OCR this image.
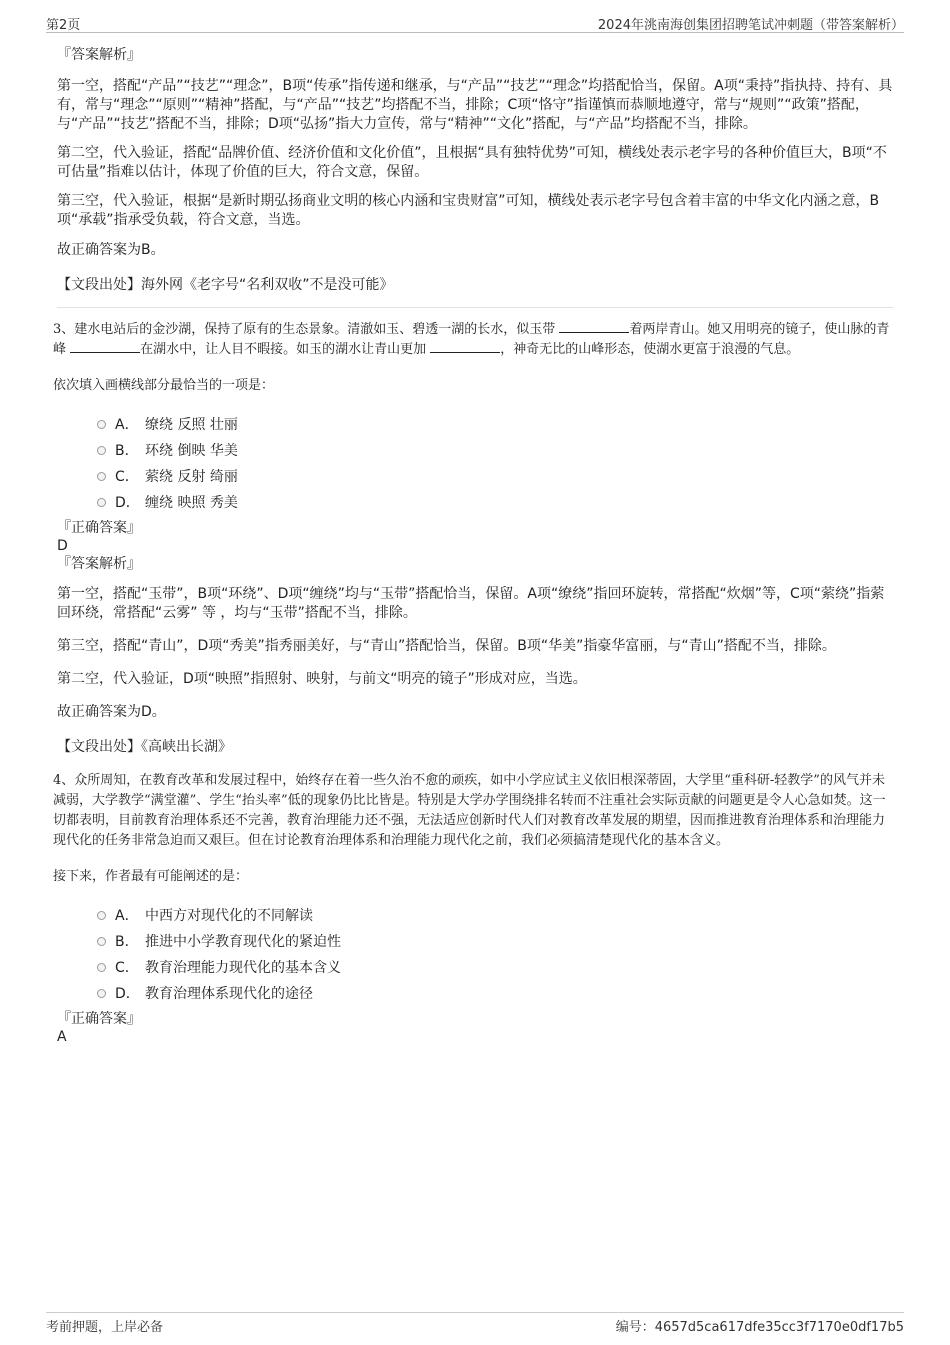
第2页	2024年洮南海创集团招聘笔试冲刺题（带答案解析）

『答案解析』

第一空，搭配“产品”“技艺”“理念”，B项“传承”指传递和继承，与“产品”“技艺”“理念”均搭配恰当，保留。A项“秉持”指执持、持有、具有，常与“理念”“原则”“精神”搭配，与“产品”“技艺”均搭配不当，排除；C项“恪守”指谨慎而恭顺地遵守，常与“规则”“政策”搭配，与“产品”“技艺”搭配不当，排除；D项“弘扬”指大力宣传，常与“精神”“文化”搭配，与“产品”均搭配不当，排除。

第二空，代入验证，搭配“品牌价值、经济价值和文化价值”，且根据“具有独特优势”可知，横线处表示老字号的各种价值巨大，B项“不可估量”指难以估计，体现了价值的巨大，符合文意，保留。

第三空，代入验证，根据“是新时期弘扬商业文明的核心内涵和宝贵财富”可知，横线处表示老字号包含着丰富的中华文化内涵之意，B项“承载”指承受负载，符合文意，当选。

故正确答案为B。

【文段出处】海外网《老字号“名利双收”不是没可能》

3、建水电站后的金沙湖，保持了原有的生态景象。清澈如玉、碧透一湖的长水，似玉带	着两岸青山。她又用明亮的镜子，使山脉的青峰	在湖水中，让人目不暇接。如玉的湖水让青山更加	，神奇无比的山峰形态，使湖水更富于浪漫的气息。

依次填入画横线部分最恰当的一项是：

A． 缭绕 反照 壮丽
B． 环绕 倒映 华美
C． 萦绕 反射 绮丽
D． 缠绕 映照 秀美

『正确答案』

D

『答案解析』

第一空，搭配“玉带”，B项“环绕”、D项“缠绕”均与“玉带”搭配恰当，保留。A项“缭绕”指回环旋转，常搭配“炊烟”等，C项“萦绕”指萦回环绕，常搭配“云雾” 等 ，均与“玉带”搭配不当，排除。

第三空，搭配“青山”，D项“秀美”指秀丽美好，与“青山”搭配恰当，保留。B项“华美”指豪华富丽，与“青山”搭配不当，排除。

第二空，代入验证，D项“映照”指照射、映射，与前文“明亮的镜子”形成对应，当选。

故正确答案为D。

【文段出处】《高峡出长湖》

4、众所周知，在教育改革和发展过程中，始终存在着一些久治不愈的顽疾，如中小学应试主义依旧根深蒂固，大学里“重科研-轻教学”的风气并未减弱，大学教学“满堂灌”、学生“抬头率”低的现象仍比比皆是。特别是大学办学围绕排名转而不注重社会实际贡献的问题更是令人心急如焚。这一切都表明，目前教育治理体系还不完善，教育治理能力还不强，无法适应创新时代人们对教育改革发展的期望，因而推进教育治理体系和治理能力现代化的任务非常急迫而又艰巨。但在讨论教育治理体系和治理能力现代化之前，我们必须搞清楚现代化的基本含义。

接下来，作者最有可能阐述的是：

A． 中西方对现代化的不同解读
B． 推进中小学教育现代化的紧迫性
C． 教育治理能力现代化的基本含义
D． 教育治理体系现代化的途径

『正确答案』

A

考前押题，上岸必备	编号：4657d5ca617dfe35cc3f7170e0df17b5
